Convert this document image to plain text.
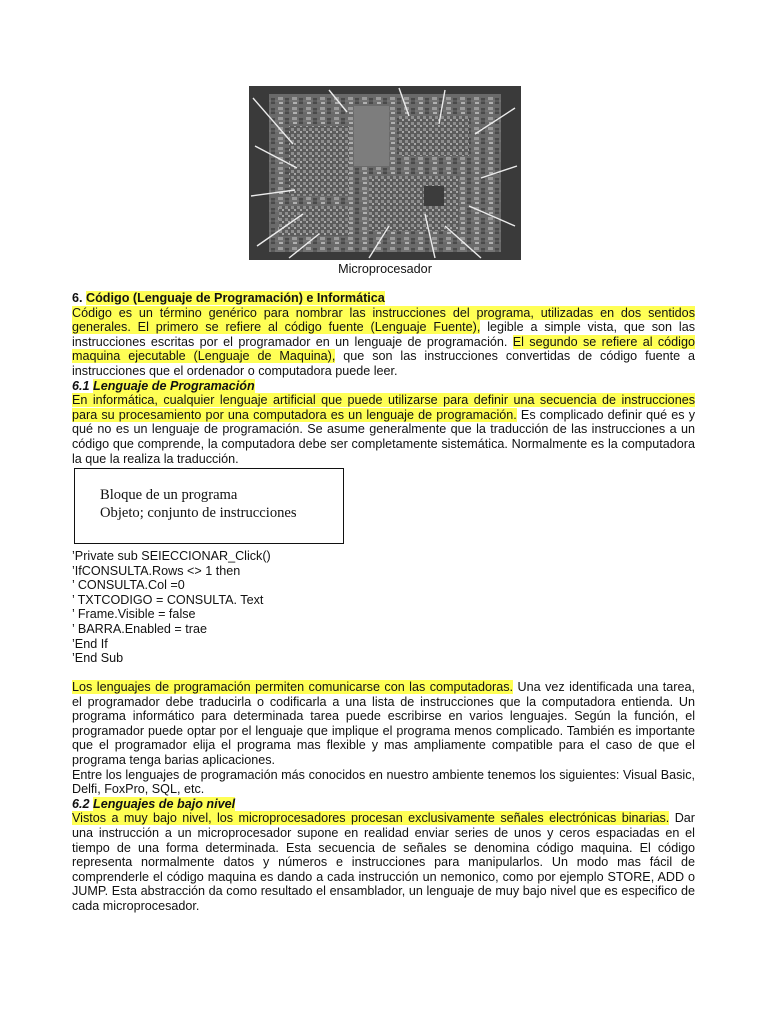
Microprocesador

6. Código (Lenguaje de Programación) e Informática

Código es un término genérico para nombrar las instrucciones del programa, utilizadas en dos sentidos generales. El primero se refiere al código fuente (Lenguaje Fuente), legible a simple vista, que son las instrucciones escritas por el programador en un lenguaje de programación. El segundo se refiere al código maquina ejecutable (Lenguaje de Maquina), que son las instrucciones convertidas de código fuente a instrucciones que el ordenador o computadora puede leer.

6.1 Lenguaje de Programación

En informática, cualquier lenguaje artificial que puede utilizarse para definir una secuencia de instrucciones para su procesamiento por una computadora es un lenguaje de programación. Es complicado definir qué es y qué no es un lenguaje de programación. Se asume generalmente que la traducción de las instrucciones a un código que comprende, la computadora debe ser completamente sistemática. Normalmente es la computadora la que la realiza la traducción.

Bloque de un programa
Objeto; conjunto de instrucciones
’Private sub SEIECCIONAR_Click()
’IfCONSULTA.Rows <> 1 then
’ CONSULTA.Col =0
’ TXTCODIGO = CONSULTA. Text
’ Frame.Visible = false
’ BARRA.Enabled = trae
’End If
’End Sub

Los lenguajes de programación permiten comunicarse con las computadoras. Una vez identificada una tarea, el programador debe traducirla o codificarla a una lista de instrucciones que la computadora entienda. Un programa informático para determinada tarea puede escribirse en varios lenguajes. Según la función, el programador puede optar por el lenguaje que implique el programa menos complicado. También es importante que el programador elija el programa mas flexible y mas ampliamente compatible para el caso de que el programa tenga barias aplicaciones.

Entre los lenguajes de programación más conocidos en nuestro ambiente tenemos los siguientes: Visual Basic, Delfi, FoxPro, SQL, etc.

6.2 Lenguajes de bajo nivel

Vistos a muy bajo nivel, los microprocesadores procesan exclusivamente señales electrónicas binarias. Dar una instrucción a un microprocesador supone en realidad enviar series de unos y ceros espaciadas en el tiempo de una forma determinada. Esta secuencia de señales se denomina código maquina. El código representa normalmente datos y números e instrucciones para manipularlos. Un modo mas fácil de comprenderle el código maquina es dando a cada instrucción un nemonico, como por ejemplo STORE, ADD o JUMP. Esta abstracción da como resultado el ensamblador, un lenguaje de muy bajo nivel que es especifico de cada microprocesador.
